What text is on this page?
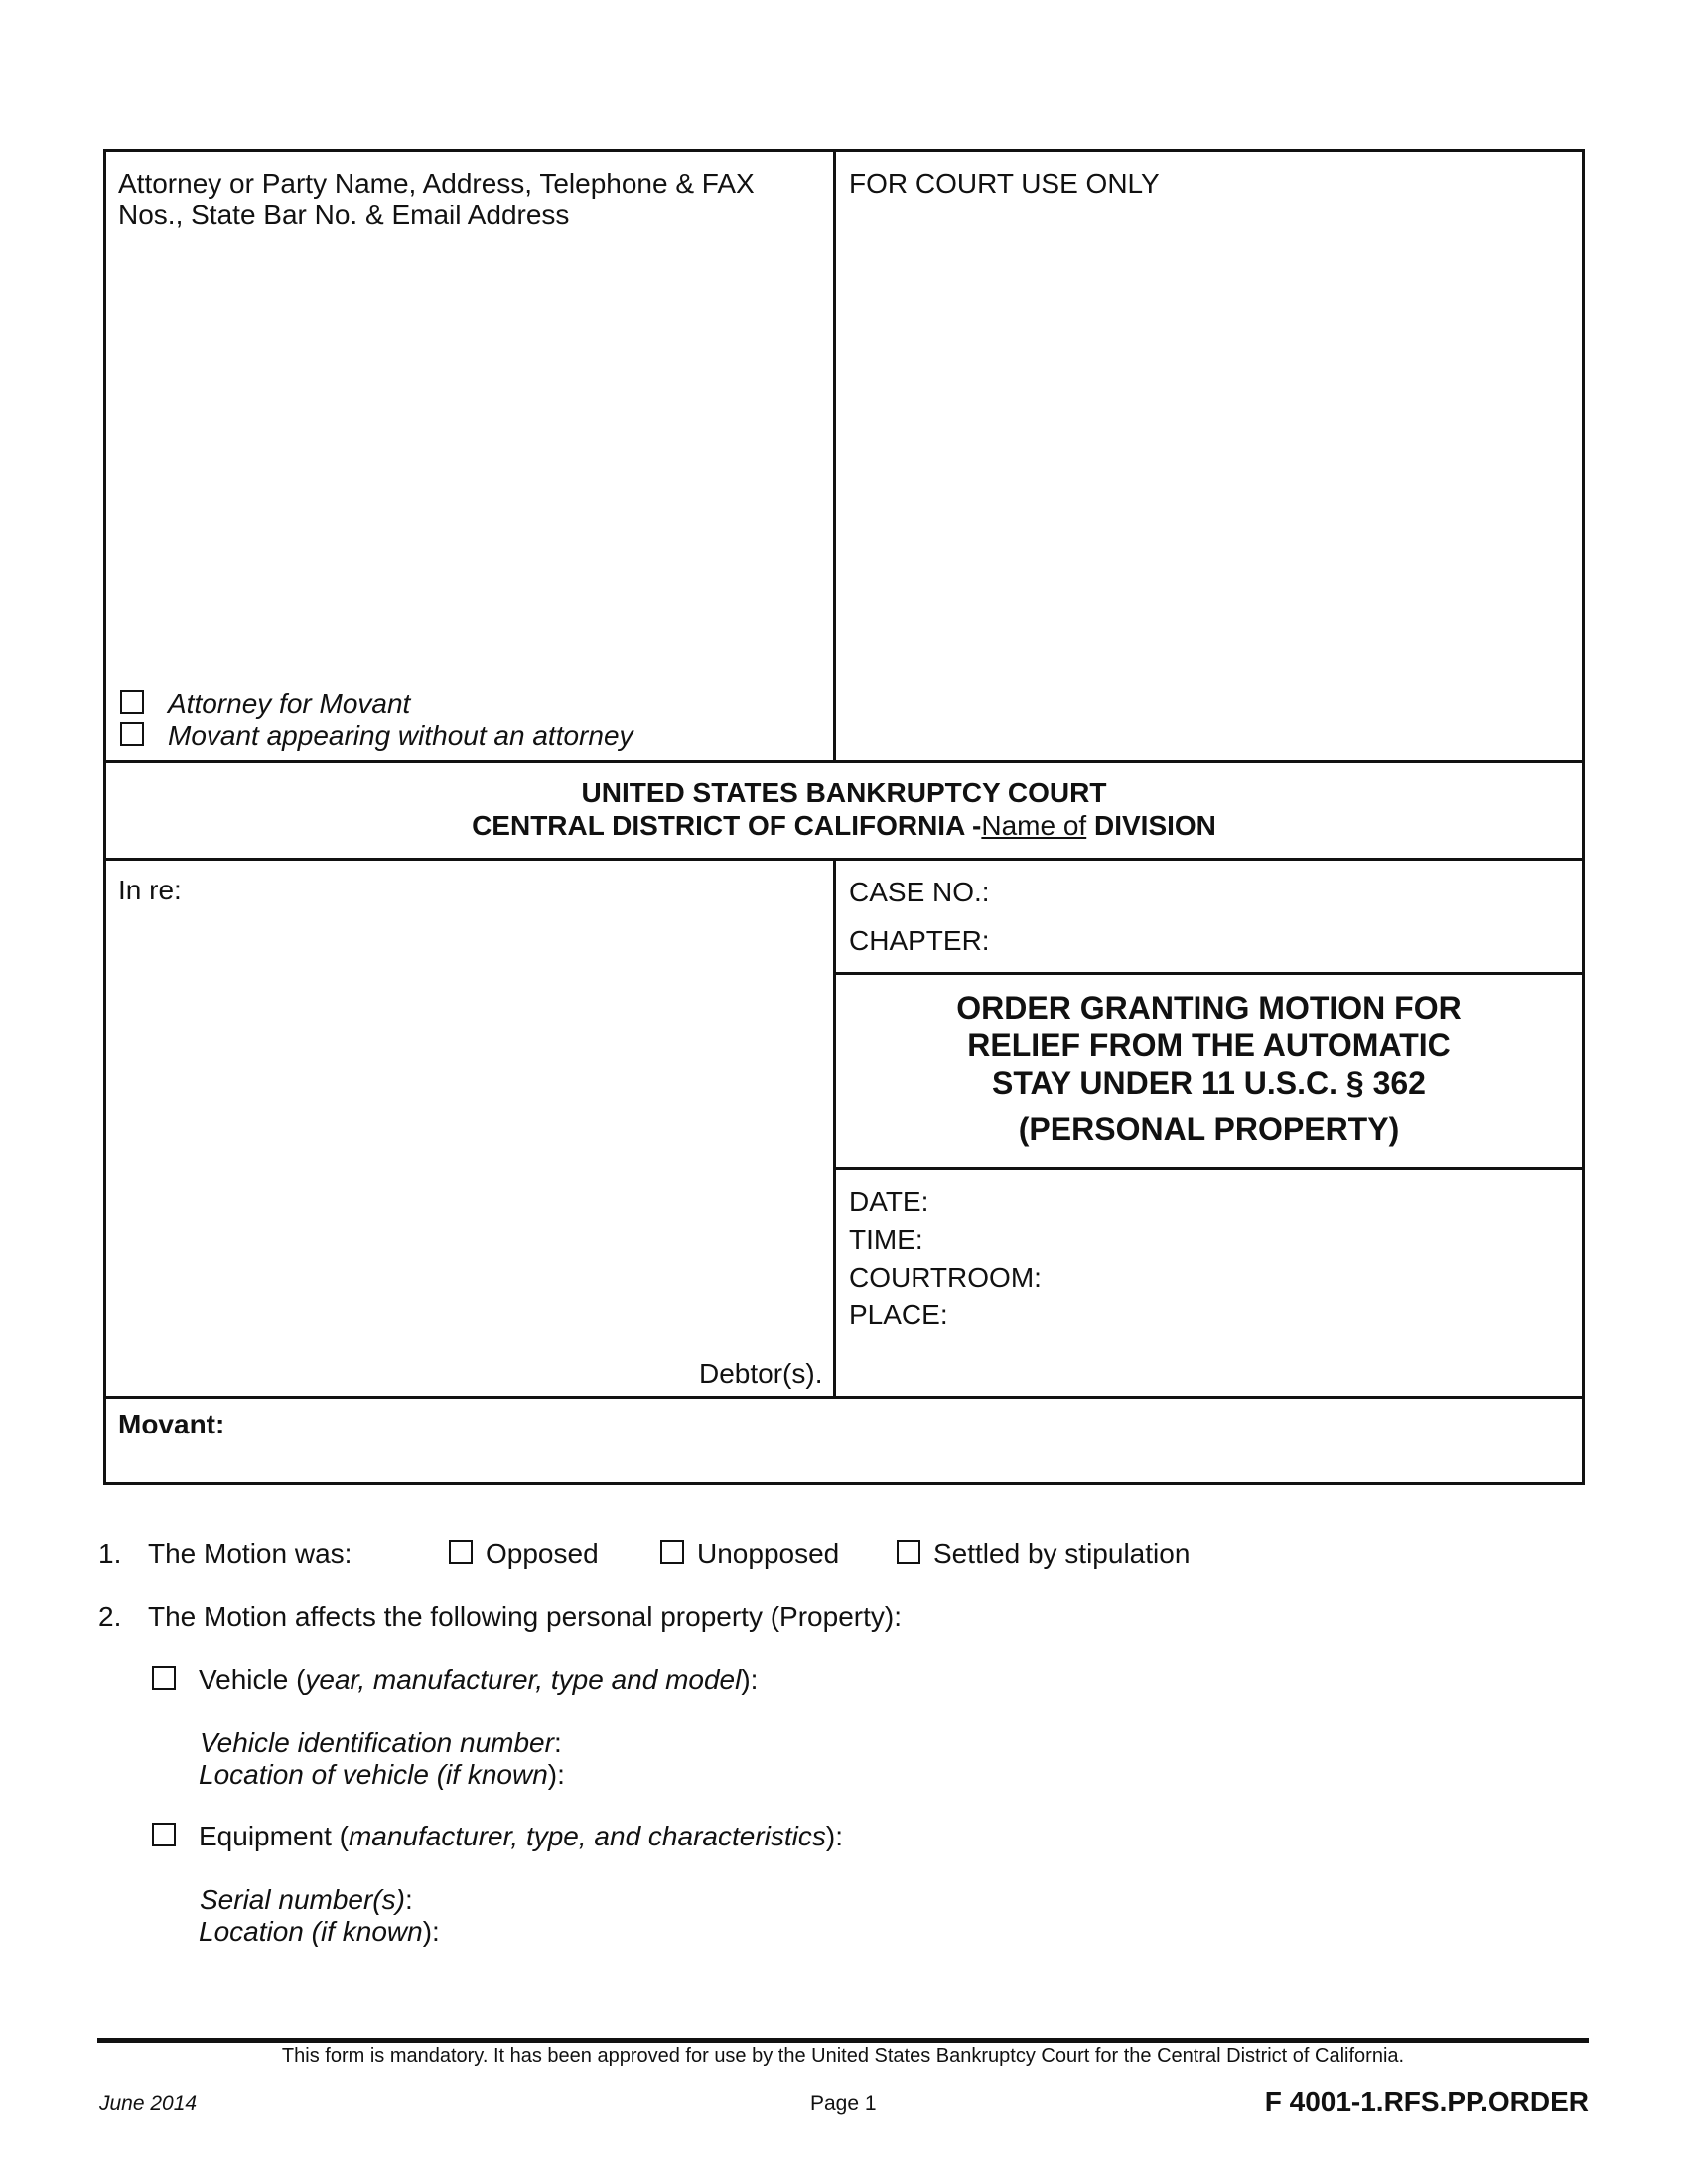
Attorney or Party Name, Address, Telephone & FAX
Nos., State Bar No. & Email Address
Attorney for Movant
Movant appearing without an attorney
FOR COURT USE ONLY
UNITED STATES BANKRUPTCY COURT
CENTRAL DISTRICT OF CALIFORNIA -Name of DIVISION
In re:
Debtor(s).
CASE NO.:
CHAPTER:
ORDER GRANTING MOTION FOR
RELIEF FROM THE AUTOMATIC
STAY UNDER 11 U.S.C. § 362
(PERSONAL PROPERTY)
DATE:
TIME:
COURTROOM:
PLACE:
Movant:
1. The Motion was:	Opposed	Unopposed	Settled by stipulation
2. The Motion affects the following personal property (Property):
Vehicle (year, manufacturer, type and model):
Vehicle identification number:
Location of vehicle (if known):
Equipment (manufacturer, type, and characteristics):
Serial number(s):
Location (if known):
This form is mandatory. It has been approved for use by the United States Bankruptcy Court for the Central District of California.
June 2014	Page 1	F 4001-1.RFS.PP.ORDER
